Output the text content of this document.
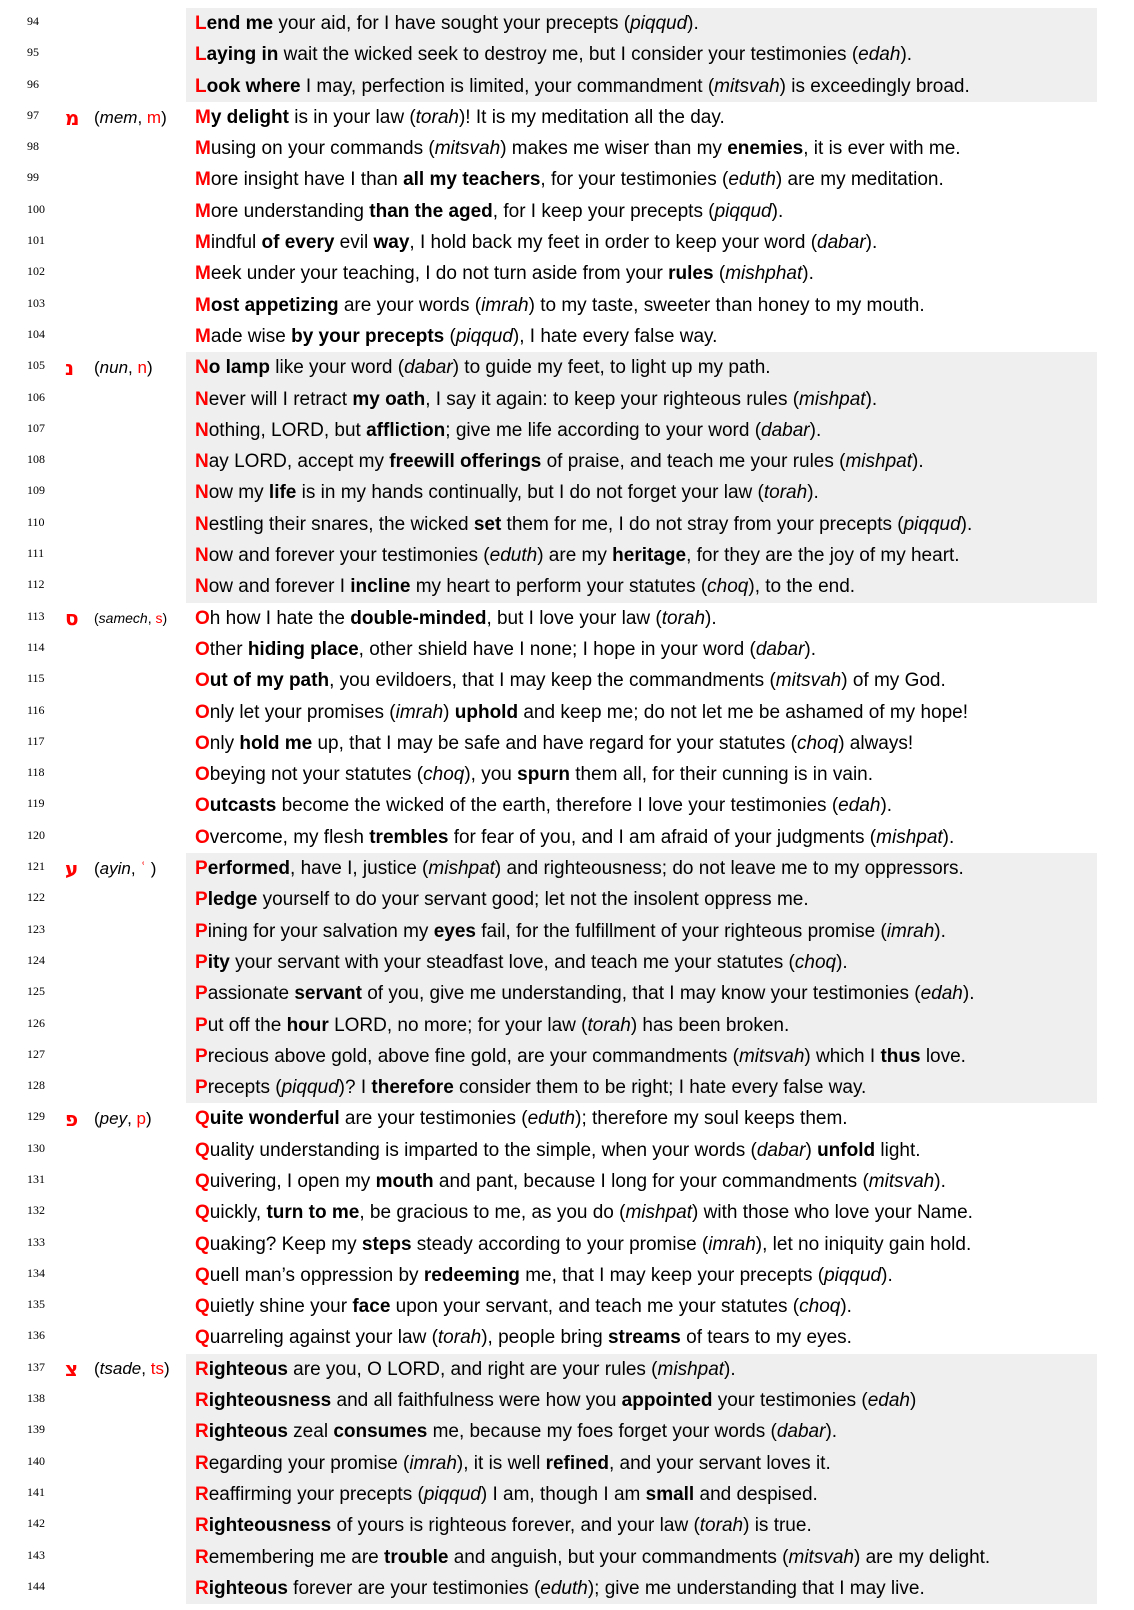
94	Lend me your aid, for I have sought your precepts (piqqud).
95	Laying in wait the wicked seek to destroy me, but I consider your testimonies (edah).
96	Look where I may, perfection is limited, your commandment (mitsvah) is exceedingly broad.
97	מ (mem, m)	My delight is in your law (torah)! It is my meditation all the day.
98	Musing on your commands (mitsvah) makes me wiser than my enemies, it is ever with me.
99	More insight have I than all my teachers, for your testimonies (eduth) are my meditation.
100	More understanding than the aged, for I keep your precepts (piqqud).
101	Mindful of every evil way, I hold back my feet in order to keep your word (dabar).
102	Meek under your teaching, I do not turn aside from your rules (mishphat).
103	Most appetizing are your words (imrah) to my taste, sweeter than honey to my mouth.
104	Made wise by your precepts (piqqud), I hate every false way.
105	נ	(nun, n)	No lamp like your word (dabar) to guide my feet, to light up my path.
106	Never will I retract my oath, I say it again: to keep your righteous rules (mishpat).
107	Nothing, LORD, but affliction; give me life according to your word (dabar).
108	Nay LORD, accept my freewill offerings of praise, and teach me your rules (mishpat).
109	Now my life is in my hands continually, but I do not forget your law (torah).
110	Nestling their snares, the wicked set them for me, I do not stray from your precepts (piqqud).
111	Now and forever your testimonies (eduth) are my heritage, for they are the joy of my heart.
112	Now and forever I incline my heart to perform your statutes (choq), to the end.
113	ס	(samech, s)	Oh how I hate the double-minded, but I love your law (torah).
114	Other hiding place, other shield have I none; I hope in your word (dabar).
115	Out of my path, you evildoers, that I may keep the commandments (mitsvah) of my God.
116	Only let your promises (imrah) uphold and keep me; do not let me be ashamed of my hope!
117	Only hold me up, that I may be safe and have regard for your statutes (choq) always!
118	Obeying not your statutes (choq), you spurn them all, for their cunning is in vain.
119	Outcasts become the wicked of the earth, therefore I love your testimonies (edah).
120	Overcome, my flesh trembles for fear of you, and I am afraid of your judgments (mishpat).
121	ע (ayin, ʿ )	Performed, have I, justice (mishpat) and righteousness; do not leave me to my oppressors.
122	Pledge yourself to do your servant good; let not the insolent oppress me.
123	Pining for your salvation my eyes fail, for the fulfillment of your righteous promise (imrah).
124	Pity your servant with your steadfast love, and teach me your statutes (choq).
125	Passionate servant of you, give me understanding, that I may know your testimonies (edah).
126	Put off the hour LORD, no more; for your law (torah) has been broken.
127	Precious above gold, above fine gold, are your commandments (mitsvah) which I thus love.
128	Precepts (piqqud)? I therefore consider them to be right; I hate every false way.
129	פ (pey, p)	Quite wonderful are your testimonies (eduth); therefore my soul keeps them.
130	Quality understanding is imparted to the simple, when your words (dabar) unfold light.
131	Quivering, I open my mouth and pant, because I long for your commandments (mitsvah).
132	Quickly, turn to me, be gracious to me, as you do (mishpat) with those who love your Name.
133	Quaking? Keep my steps steady according to your promise (imrah), let no iniquity gain hold.
134	Quell man’s oppression by redeeming me, that I may keep your precepts (piqqud).
135	Quietly shine your face upon your servant, and teach me your statutes (choq).
136	Quarreling against your law (torah), people bring streams of tears to my eyes.
137	צ (tsade, ts)	Righteous are you, O LORD, and right are your rules (mishpat).
138	Righteousness and all faithfulness were how you appointed your testimonies (edah)
139	Righteous zeal consumes me, because my foes forget your words (dabar).
140	Regarding your promise (imrah), it is well refined, and your servant loves it.
141	Reaffirming your precepts (piqqud) I am, though I am small and despised.
142	Righteousness of yours is righteous forever, and your law (torah) is true.
143	Remembering me are trouble and anguish, but your commandments (mitsvah) are my delight.
144	Righteous forever are your testimonies (eduth); give me understanding that I may live.
